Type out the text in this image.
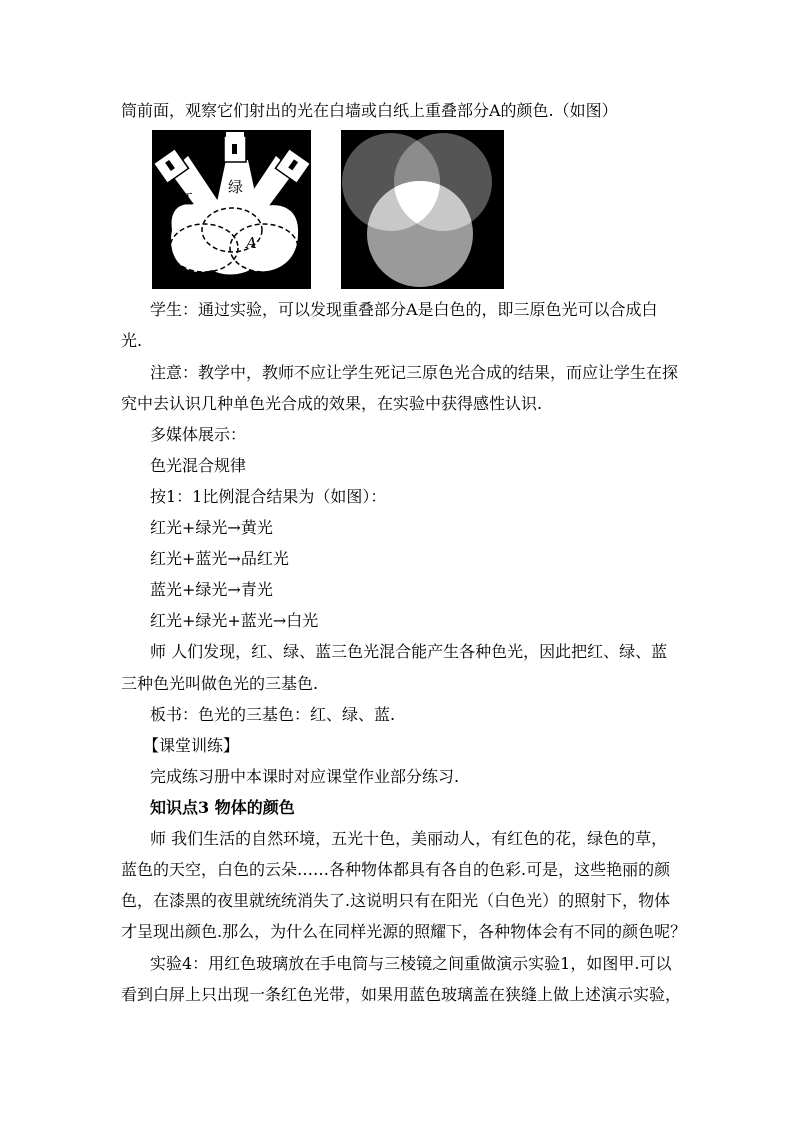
筒前面，观察它们射出的光在白墙或白纸上重叠部分A的颜色.（如图）
红
绿
蓝
A
学生：通过实验，可以发现重叠部分A是白色的，即三原色光可以合成白
光.
注意：教学中，教师不应让学生死记三原色光合成的结果，而应让学生在探
究中去认识几种单色光合成的效果，在实验中获得感性认识.
多媒体展示：
色光混合规律
按1：1比例混合结果为（如图）：
红光+绿光→黄光
红光+蓝光→品红光
蓝光+绿光→青光
红光+绿光+蓝光→白光
师 人们发现，红、绿、蓝三色光混合能产生各种色光，因此把红、绿、蓝
三种色光叫做色光的三基色.
板书：色光的三基色：红、绿、蓝.
【课堂训练】
完成练习册中本课时对应课堂作业部分练习.
知识点3 物体的颜色
师 我们生活的自然环境，五光十色，美丽动人，有红色的花，绿色的草，
蓝色的天空，白色的云朵……各种物体都具有各自的色彩.可是，这些艳丽的颜
色，在漆黑的夜里就统统消失了.这说明只有在阳光（白色光）的照射下，物体
才呈现出颜色.那么，为什么在同样光源的照耀下，各种物体会有不同的颜色呢？
实验4：用红色玻璃放在手电筒与三棱镜之间重做演示实验1，如图甲.可以
看到白屏上只出现一条红色光带，如果用蓝色玻璃盖在狭缝上做上述演示实验，
